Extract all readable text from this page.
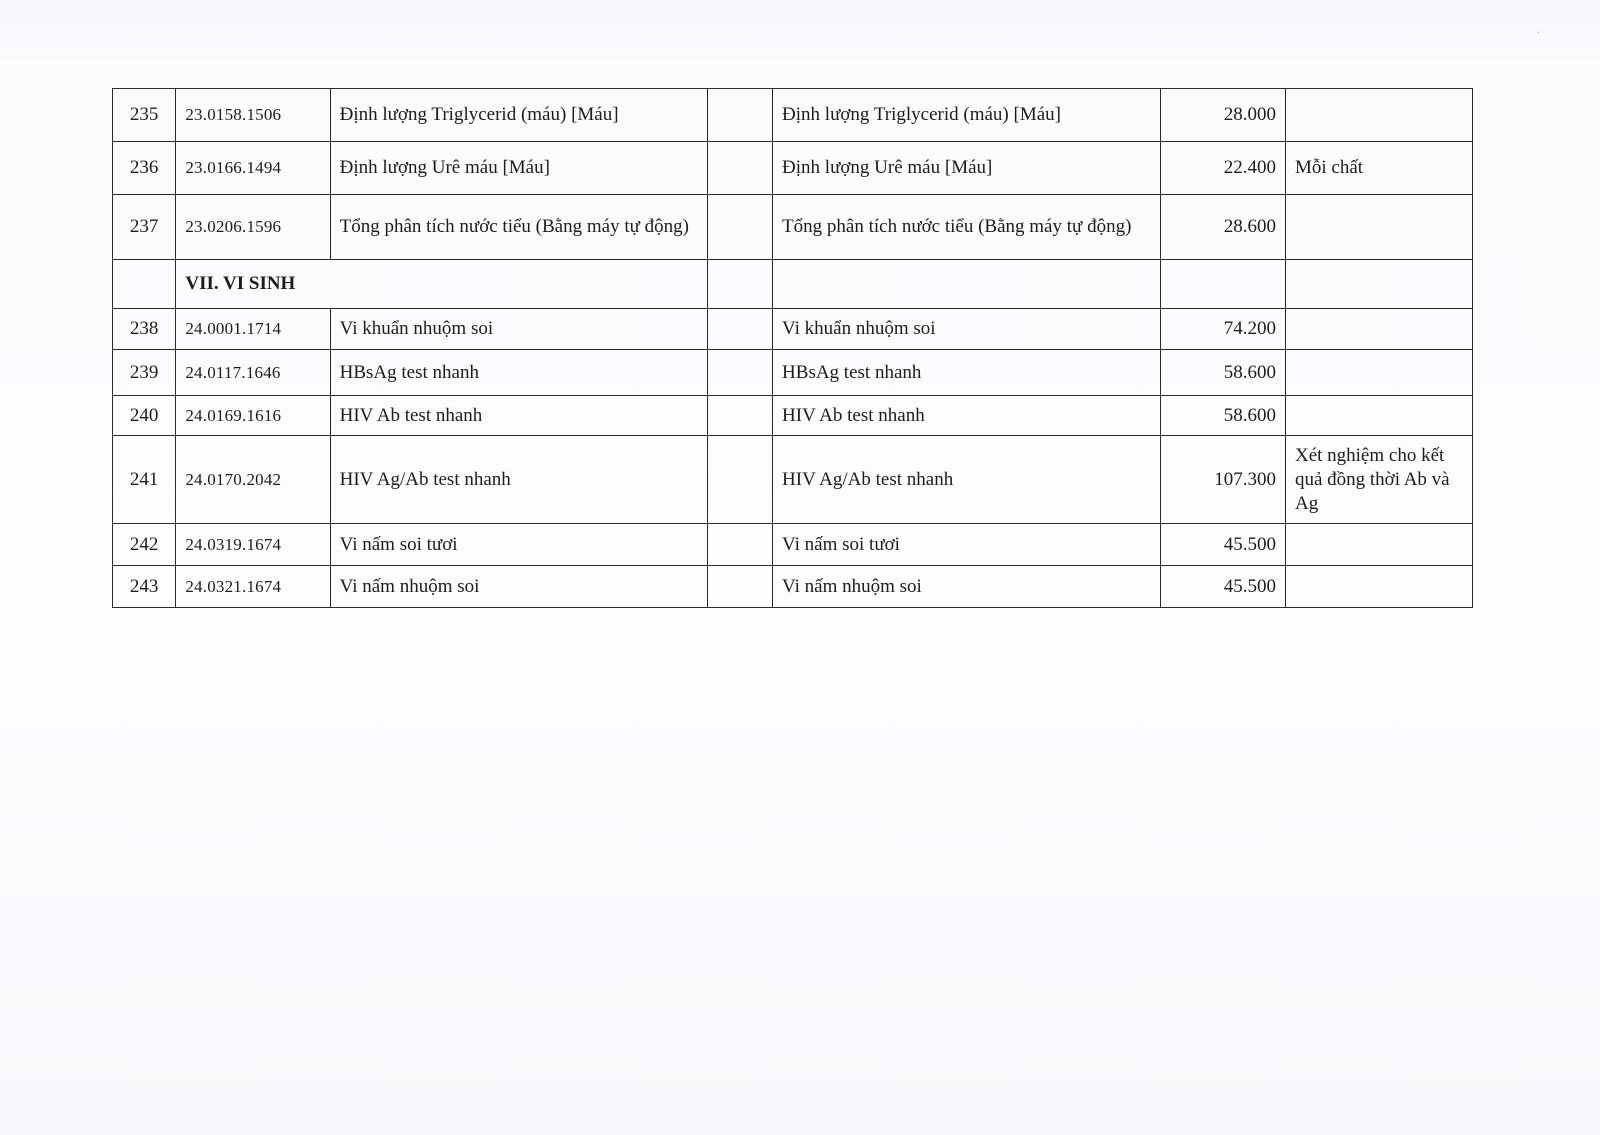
·
235	23.0158.1506	Định lượng Triglycerid (máu) [Máu]		Định lượng Triglycerid (máu) [Máu]	28.000	
236	23.0166.1494	Định lượng Urê máu [Máu]		Định lượng Urê máu [Máu]	22.400	Mỗi chất
237	23.0206.1596	Tổng phân tích nước tiểu (Bằng máy tự động)		Tổng phân tích nước tiểu (Bằng máy tự động)	28.600	
	VII. VI SINH					
238	24.0001.1714	Vi khuẩn nhuộm soi		Vi khuẩn nhuộm soi	74.200	
239	24.0117.1646	HBsAg test nhanh		HBsAg test nhanh	58.600	
240	24.0169.1616	HIV Ab test nhanh		HIV Ab test nhanh	58.600	
241	24.0170.2042	HIV Ag/Ab test nhanh		HIV Ag/Ab test nhanh	107.300	Xét nghiệm cho kết quả đồng thời Ab và Ag
242	24.0319.1674	Vi nấm soi tươi		Vi nấm soi tươi	45.500	
243	24.0321.1674	Vi nấm nhuộm soi		Vi nấm nhuộm soi	45.500	
